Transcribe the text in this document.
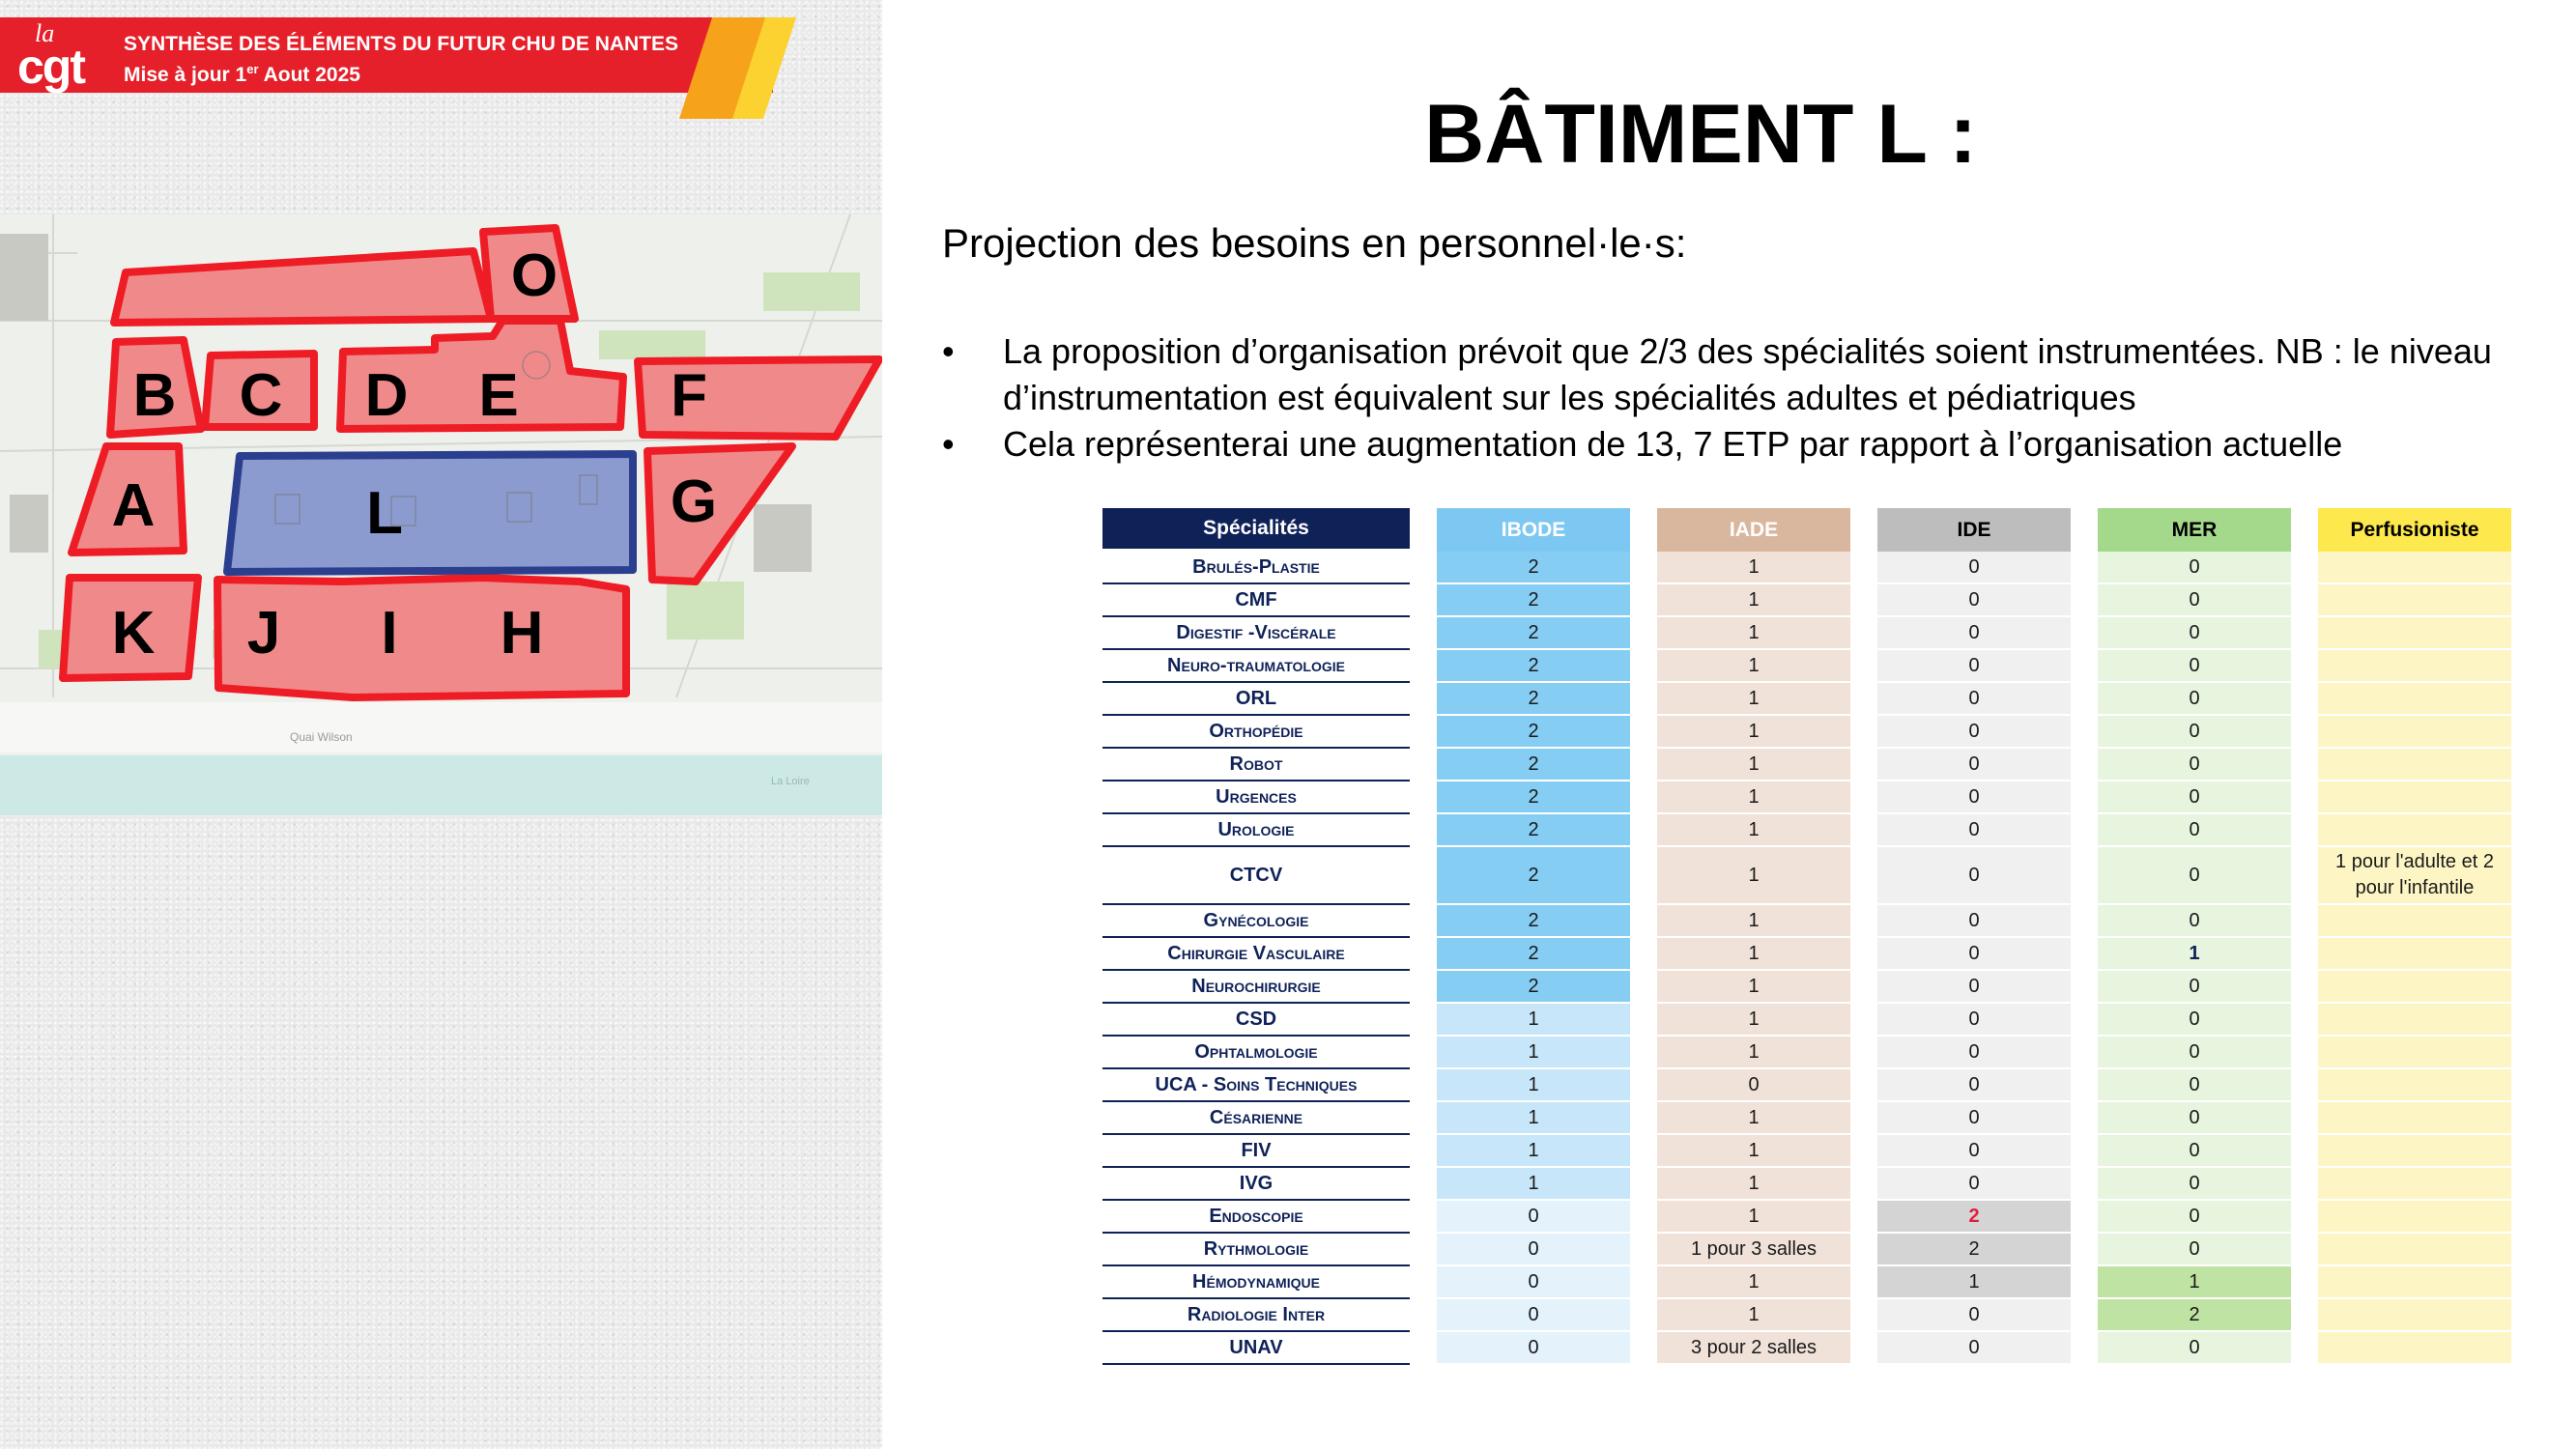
la
cgt SYNTHÈSE DES ÉLÉMENTS DU FUTUR CHU DE NANTES
Mise à jour 1er Aout 2025
O
B C D E	F
A	L	G
K J I H
Quai Wilson
La Loire
BÂTIMENT L :
Projection des besoins en personnel·le·s:
• La proposition d’organisation prévoit que 2/3 des spécialités soient instrumentées. NB : le niveau d’instrumentation est équivalent sur les spécialités adultes et pédiatriques
• Cela représenterai une augmentation de 13, 7 ETP par rapport à l’organisation actuelle
Spécialités		IBODE		IADE		IDE		MER		Perfusioniste
Brulés-Plastie		2		1		0		0		
CMF		2		1		0		0		
Digestif -Viscérale		2		1		0		0		
Neuro-traumatologie		2		1		0		0		
ORL		2		1		0		0		
Orthopédie		2		1		0		0		
Robot		2		1		0		0		
Urgences		2		1		0		0		
Urologie		2		1		0		0		
CTCV		2		1		0		0		1 pour l'adulte et 2 pour l'infantile
Gynécologie		2		1		0		0		
Chirurgie Vasculaire		2		1		0		1		
Neurochirurgie		2		1		0		0		
CSD		1		1		0		0		
Ophtalmologie		1		1		0		0		
UCA - Soins Techniques		1		0		0		0		
Césarienne		1		1		0		0		
FIV		1		1		0		0		
IVG		1		1		0		0		
Endoscopie		0		1		2		0		
Rythmologie		0		1 pour 3 salles		2		0		
Hémodynamique		0		1		1		1		
Radiologie Inter		0		1		0		2		
UNAV		0		3 pour 2 salles		0		0		
